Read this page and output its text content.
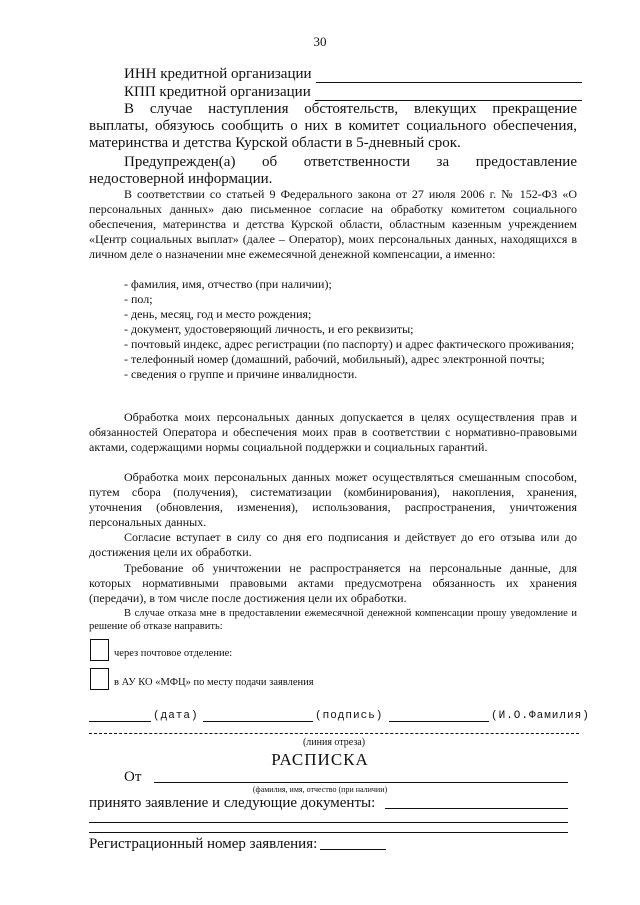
30
ИНН кредитной организации
КПП кредитной организации

В случае наступления обстоятельств, влекущих прекращение выплаты, обязуюсь сообщить о них в комитет социального обеспечения, материнства и детства Курской области в 5-дневный срок.

Предупрежден(а) об ответственности за предоставление недостоверной информации.

В соответствии со статьей 9 Федерального закона от 27 июля 2006 г. № 152-ФЗ «О персональных данных» даю письменное согласие на обработку комитетом социального обеспечения, материнства и детства Курской области, областным казенным учреждением «Центр социальных выплат» (далее – Оператор), моих персональных данных, находящихся в личном деле о назначении мне ежемесячной денежной компенсации, а именно:

- фамилия, имя, отчество (при наличии);

- пол;

- день, месяц, год и место рождения;

- документ, удостоверяющий личность, и его реквизиты;

- почтовый индекс, адрес регистрации (по паспорту) и адрес фактического проживания;

- телефонный номер (домашний, рабочий, мобильный), адрес электронной почты;

- сведения о группе и причине инвалидности.

Обработка моих персональных данных допускается в целях осуществления прав и обязанностей Оператора и обеспечения моих прав в соответствии с нормативно-правовыми актами, содержащими нормы социальной поддержки и социальных гарантий.

Обработка моих персональных данных может осуществляться смешанным способом, путем сбора (получения), систематизации (комбинирования), накопления, хранения, уточнения (обновления, изменения), использования, распространения, уничтожения персональных данных.

Согласие вступает в силу со дня его подписания и действует до его отзыва или до достижения цели их обработки.

Требование об уничтожении не распространяется на персональные данные, для которых нормативными правовыми актами предусмотрена обязанность их хранения (передачи), в том числе после достижения цели их обработки.

В случае отказа мне в предоставлении ежемесячной денежной компенсации прошу уведомление и решение об отказе направить:

через почтовое отделение:
в АУ КО «МФЦ» по месту подачи заявления
(дата)	(подпись)	(И.О.Фамилия)
(линия отреза)
РАСПИСКА
От
(фамилия, имя, отчество (при наличии)
принято заявление и следующие документы:
Регистрационный номер заявления:
